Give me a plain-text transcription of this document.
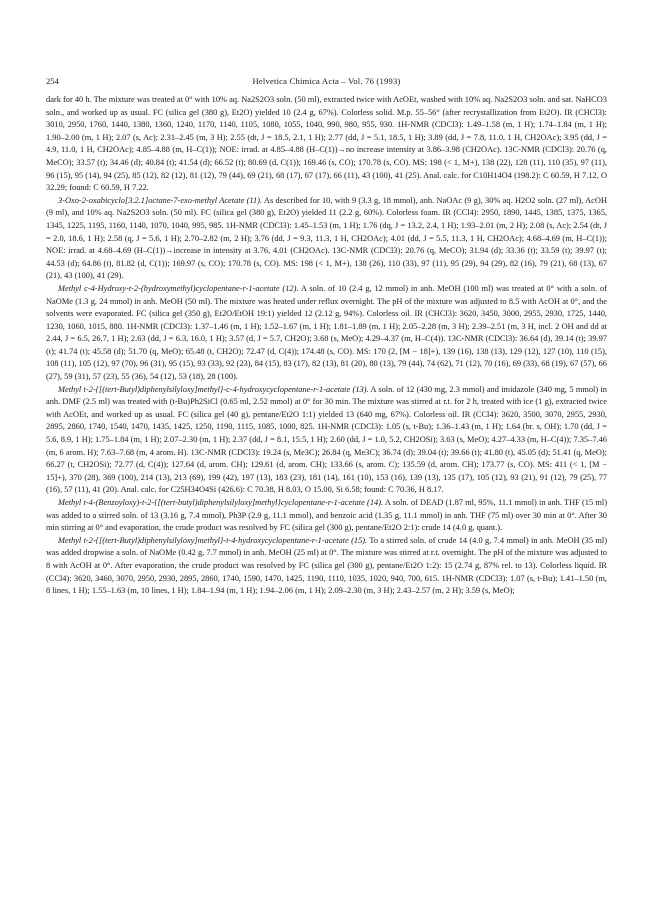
254	Helvetica Chimica Acta – Vol. 76 (1993)

dark for 40 h. The mixture was treated at 0° with 10% aq. Na2S2O3 soln. (50 ml), extracted twice with AcOEt, washed with 10% aq. Na2S2O3 soln. and sat. NaHCO3 soln., and worked up as usual. FC (silica gel (380 g), Et2O) yielded 10 (2.4 g, 67%). Colorless solid. M.p. 55–56° (after recrystallization from Et2O). IR (CHCl3): 3010, 2950, 1760, 1440, 1380, 1360, 1240, 1170, 1140, 1105, 1080, 1055, 1040, 990, 980, 955, 930. 1H-NMR (CDCl3): 1.49–1.58 (m, 1 H); 1.74–1.84 (m, 1 H); 1.90–2.00 (m, 1 H); 2.07 (s, Ac); 2.31–2.45 (m, 3 H); 2.55 (dt, J = 18.5, 2.1, 1 H); 2.77 (dd, J = 5.1, 18.5, 1 H); 3.89 (dd, J = 7.8, 11.0, 1 H, CH2OAc); 3.95 (dd, J = 4.9, 11.0, 1 H, CH2OAc); 4.85–4.88 (m, H–C(1)); NOE: irrad. at 4.85–4.88 (H–C(1))→no increase intensity at 3.86–3.98 (CH2OAc). 13C-NMR (CDCl3): 20.76 (q, MeCO); 33.57 (t); 34.46 (d); 40.84 (t); 41.54 (d); 66.52 (t); 80.69 (d, C(1)); 169.46 (s, CO); 170.78 (s, CO). MS: 198 (< 1, M+), 138 (22), 128 (11), 110 (35), 97 (11), 96 (15), 95 (14), 94 (25), 85 (12), 82 (12), 81 (12), 79 (44), 69 (21), 68 (17), 67 (17), 66 (11), 43 (100), 41 (25). Anal. calc. for C10H14O4 (198.2): C 60.59, H 7.12, O 32.29; found: C 60.59, H 7.22.

3-Oxo-2-oxabicyclo[3.2.1]octane-7-exo-methyl Acetate (11). As described for 10, with 9 (3.3 g, 18 mmol), anh. NaOAc (9 g), 30% aq. H2O2 soln. (27 ml), AcOH (9 ml), and 10% aq. Na2S2O3 soln. (50 ml). FC (silica gel (380 g), Et2O) yielded 11 (2.2 g, 60%). Colorless foam. IR (CCl4): 2950, 1890, 1445, 1385, 1375, 1365, 1345, 1225, 1195, 1160, 1140, 1070, 1040, 995, 985. 1H-NMR (CDCl3): 1.45–1.53 (m, 1 H); 1.76 (dq, J = 13.2, 2.4, 1 H); 1.93–2.01 (m, 2 H); 2.08 (s, Ac); 2.54 (dt, J = 2.0, 18.6, 1 H); 2.58 (q, J = 5.6, 1 H); 2.70–2.82 (m, 2 H); 3.76 (dd, J = 9.3, 11.3, 1 H, CH2OAc); 4.01 (dd, J = 5.5, 11.3, 1 H, CH2OAc); 4.68–4.69 (m, H–C(1)); NOE: irrad. at 4.68–4.69 (H–C(1))→increase in intensity at 3.76, 4.01 (CH2OAc). 13C-NMR (CDCl3): 20.76 (q, MeCO); 31.94 (d); 33.36 (t); 33.59 (t); 39.97 (t); 44.53 (d); 64.86 (t), 81.82 (d, C(1)); 169.97 (s, CO); 170.78 (s, CO). MS: 198 (< 1, M+), 138 (26), 110 (33), 97 (11), 95 (29), 94 (29), 82 (16), 79 (21), 68 (13), 67 (21), 43 (100), 41 (29).

Methyl c-4-Hydroxy-t-2-(hydroxymethyl)cyclopentane-r-1-acetate (12). A soln. of 10 (2.4 g, 12 mmol) in anh. MeOH (100 ml) was treated at 0° with a soln. of NaOMe (1.3 g, 24 mmol) in anh. MeOH (50 ml). The mixture was heated under reflux overnight. The pH of the mixture was adjusted to 8.5 with AcOH at 0°, and the solvents were evaporated. FC (silica gel (350 g), Et2O/EtOH 19:1) yielded 12 (2.12 g, 94%). Colorless oil. IR (CHCl3): 3620, 3450, 3000, 2955, 2930, 1725, 1440, 1230, 1060, 1015, 880. 1H-NMR (CDCl3): 1.37–1.46 (m, 1 H); 1.52–1.67 (m, 1 H); 1.81–1.89 (m, 1 H); 2.05–2.28 (m, 3 H); 2.39–2.51 (m, 3 H, incl. 2 OH and dd at 2.44, J = 6.5, 26.7, 1 H); 2.63 (dd, J = 6.3, 16.0, 1 H); 3.57 (d, J = 5.7, CH2O); 3.68 (s, MeO); 4.29–4.37 (m, H–C(4)). 13C-NMR (CDCl3): 36.64 (d), 39.14 (t); 39.97 (t); 41.74 (t); 45.58 (d); 51.70 (q, MeO); 65.48 (t, CH2O); 72.47 (d, C(4)); 174.48 (s, CO). MS: 170 (2, [M − 18]+), 139 (16), 138 (13), 129 (12), 127 (10), 110 (15), 108 (11), 105 (12), 97 (70), 96 (31), 95 (15), 93 (33), 92 (23), 84 (15), 83 (17), 82 (13), 81 (20), 80 (13), 79 (44), 74 (62), 71 (12), 70 (16), 69 (33), 68 (19), 67 (57), 66 (27), 59 (31), 57 (23), 55 (36), 54 (12), 53 (18), 28 (100).

Methyl t-2-{[(tert-Butyl)diphenylsilyloxy]methyl}-c-4-hydroxycyclopentane-r-1-acetate (13). A soln. of 12 (430 mg, 2.3 mmol) and imidazole (340 mg, 5 mmol) in anh. DMF (2.5 ml) was treated with (t-Bu)Ph2SiCl (0.65 ml, 2.52 mmol) at 0° for 30 min. The mixture was stirred at r.t. for 2 h, treated with ice (1 g), extracted twice with AcOEt, and worked up as usual. FC (silica gel (40 g), pentane/Et2O 1:1) yielded 13 (640 mg, 67%). Colorless oil. IR (CCl4): 3620, 3500, 3070, 2955, 2930, 2895, 2860, 1740, 1540, 1470, 1435, 1425, 1250, 1190, 1115, 1085, 1000, 825. 1H-NMR (CDCl3): 1.05 (s, t-Bu); 1.36–1.43 (m, 1 H); 1.64 (br. s, OH); 1.70 (dd, J = 5.6, 8.9, 1 H); 1.75–1.84 (m, 1 H); 2.07–2.30 (m, 1 H); 2.37 (dd, J = 8.1, 15.5, 1 H); 2.60 (dd, J = 1.0, 5.2, CH2OSi); 3.63 (s, MeO); 4.27–4.33 (m, H–C(4)); 7.35–7.46 (m, 6 arom. H); 7.63–7.68 (m, 4 arom. H). 13C-NMR (CDCl3): 19.24 (s, Me3C); 26.84 (q, Me3C); 36.74 (d); 39.04 (t); 39.66 (t); 41.80 (t), 45.05 (d); 51.41 (q, MeO); 66.27 (t, CH2OSi); 72.77 (d, C(4)); 127.64 (d, arom. CH); 129.61 (d, arom. CH); 133.66 (s, arom. C); 135.59 (d, arom. CH); 173.77 (s, CO). MS: 411 (< 1, [M − 15]+), 370 (28), 369 (100), 214 (13), 213 (69), 199 (42), 197 (13), 183 (23), 181 (14), 161 (10), 153 (16), 139 (13), 135 (17), 105 (12), 93 (21), 91 (12), 79 (25), 77 (16), 57 (11), 41 (20). Anal. calc. for C25H34O4Si (426.6): C 70.38, H 8.03, O 15.00, Si 6.58; found: C 70.36, H 8.17.

Methyl t-4-(Benzoyloxy)-t-2-{[(tert-butyl)diphenylsilyloxy]methyl}cyclopentane-r-1-acetate (14). A soln. of DEAD (1.87 ml, 95%, 11.1 mmol) in anh. THF (15 ml) was added to a stirred soln. of 13 (3.16 g, 7.4 mmol), Ph3P (2.9 g, 11.1 mmol), and benzoic acid (1.35 g, 11.1 mmol) in anh. THF (75 ml) over 30 min at 0°. After 30 min stirring at 0° and evaporation, the crude product was resolved by FC (silica gel (300 g), pentane/Et2O 2:1): crude 14 (4.0 g, quant.).

Methyl t-2-{[(tert-Butyl)diphenylsilyloxy]methyl}-t-4-hydroxycyclopentane-r-1-acetate (15). To a stirred soln. of crude 14 (4.0 g, 7.4 mmol) in anh. MeOH (35 ml) was added dropwise a soln. of NaOMe (0.42 g, 7.7 mmol) in anh. MeOH (25 ml) at 0°. The mixture was stirred at r.t. overnight. The pH of the mixture was adjusted to 8 with AcOH at 0°. After evaporation, the crude product was resolved by FC (silica gel (300 g), pentane/Et2O 1:2): 15 (2.74 g, 87% rel. to 13). Colorless liquid. IR (CCl4): 3620, 3460, 3070, 2950, 2930, 2895, 2860, 1740, 1590, 1470, 1425, 1190, 1110, 1035, 1020, 940, 700, 615. 1H-NMR (CDCl3): 1.07 (s, t-Bu); 1.41–1.50 (m, 8 lines, 1 H); 1.55–1.63 (m, 10 lines, 1 H); 1.84–1.94 (m, 1 H); 1.94–2.06 (m, 1 H); 2.09–2.30 (m, 3 H); 2.43–2.57 (m, 2 H); 3.59 (s, MeO);
